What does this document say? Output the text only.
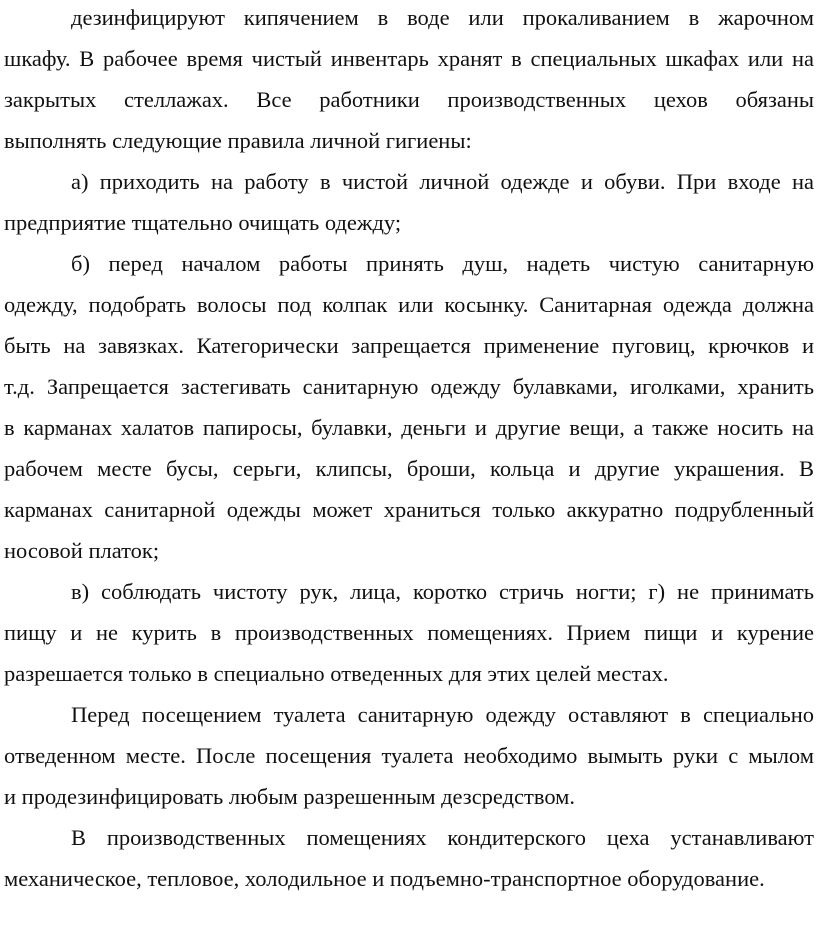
дезинфицируют кипячением в воде или прокаливанием в жарочном
шкафу. В рабочее время чистый инвентарь хранят в специальных шкафах или на
закрытых стеллажах. Все работники производственных цехов обязаны
выполнять следующие правила личной гигиены:
а) приходить на работу в чистой личной одежде и обуви. При входе на
предприятие тщательно очищать одежду;
б) перед началом работы принять душ, надеть чистую санитарную
одежду, подобрать волосы под колпак или косынку. Санитарная одежда должна
быть на завязках. Категорически запрещается применение пуговиц, крючков и
т.д. Запрещается застегивать санитарную одежду булавками, иголками, хранить
в карманах халатов папиросы, булавки, деньги и другие вещи, а также носить на
рабочем месте бусы, серьги, клипсы, броши, кольца и другие украшения. В
карманах санитарной одежды может храниться только аккуратно подрубленный
носовой платок;
в) соблюдать чистоту рук, лица, коротко стричь ногти; г) не принимать
пищу и не курить в производственных помещениях. Прием пищи и курение
разрешается только в специально отведенных для этих целей местах.
Перед посещением туалета санитарную одежду оставляют в специально
отведенном месте. После посещения туалета необходимо вымыть руки с мылом
и продезинфицировать любым разрешенным дезсредством.
В производственных помещениях кондитерского цеха устанавливают
механическое, тепловое, холодильное и подъемно-транспортное оборудование.
